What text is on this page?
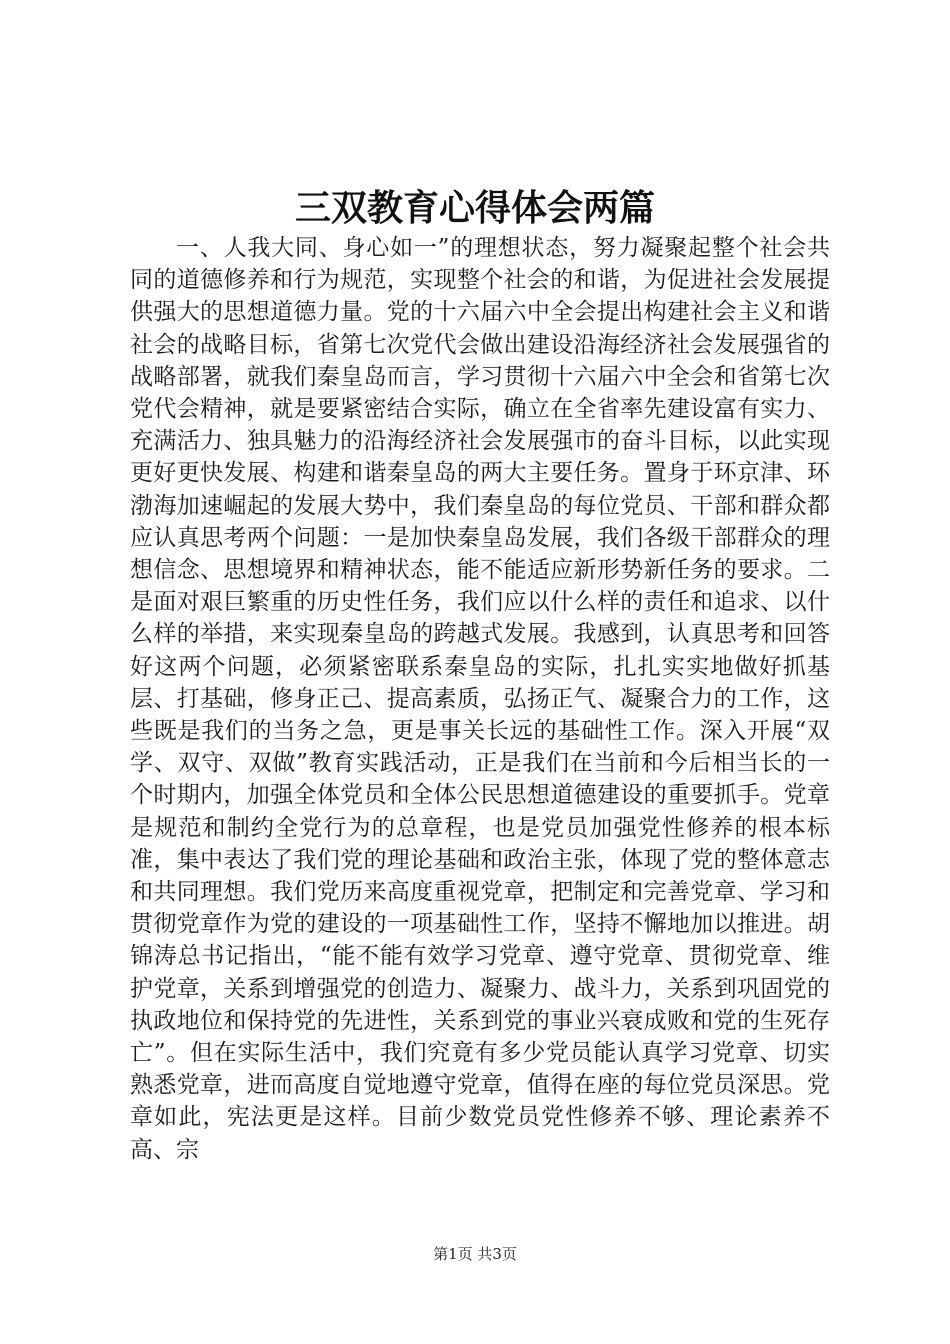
三双教育心得体会两篇

一、人我大同、身心如一”的理想状态，努力凝聚起整个社会共同的道德修养和行为规范，实现整个社会的和谐，为促进社会发展提供强大的思想道德力量。党的十六届六中全会提出构建社会主义和谐社会的战略目标，省第七次党代会做出建设沿海经济社会发展强省的战略部署，就我们秦皇岛而言，学习贯彻十六届六中全会和省第七次党代会精神，就是要紧密结合实际，确立在全省率先建设富有实力、充满活力、独具魅力的沿海经济社会发展强市的奋斗目标，以此实现更好更快发展、构建和谐秦皇岛的两大主要任务。置身于环京津、环渤海加速崛起的发展大势中，我们秦皇岛的每位党员、干部和群众都应认真思考两个问题：一是加快秦皇岛发展，我们各级干部群众的理想信念、思想境界和精神状态，能不能适应新形势新任务的要求。二是面对艰巨繁重的历史性任务，我们应以什么样的责任和追求、以什么样的举措，来实现秦皇岛的跨越式发展。我感到，认真思考和回答好这两个问题，必须紧密联系秦皇岛的实际，扎扎实实地做好抓基层、打基础，修身正己、提高素质，弘扬正气、凝聚合力的工作，这些既是我们的当务之急，更是事关长远的基础性工作。深入开展“双学、双守、双做”教育实践活动，正是我们在当前和今后相当长的一个时期内，加强全体党员和全体公民思想道德建设的重要抓手。党章是规范和制约全党行为的总章程，也是党员加强党性修养的根本标准，集中表达了我们党的理论基础和政治主张，体现了党的整体意志和共同理想。我们党历来高度重视党章，把制定和完善党章、学习和贯彻党章作为党的建设的一项基础性工作，坚持不懈地加以推进。胡锦涛总书记指出，“能不能有效学习党章、遵守党章、贯彻党章、维护党章，关系到增强党的创造力、凝聚力、战斗力，关系到巩固党的执政地位和保持党的先进性，关系到党的事业兴衰成败和党的生死存亡”。但在实际生活中，我们究竟有多少党员能认真学习党章、切实熟悉党章，进而高度自觉地遵守党章，值得在座的每位党员深思。党章如此，宪法更是这样。目前少数党员党性修养不够、理论素养不高、宗

第1页 共3页
